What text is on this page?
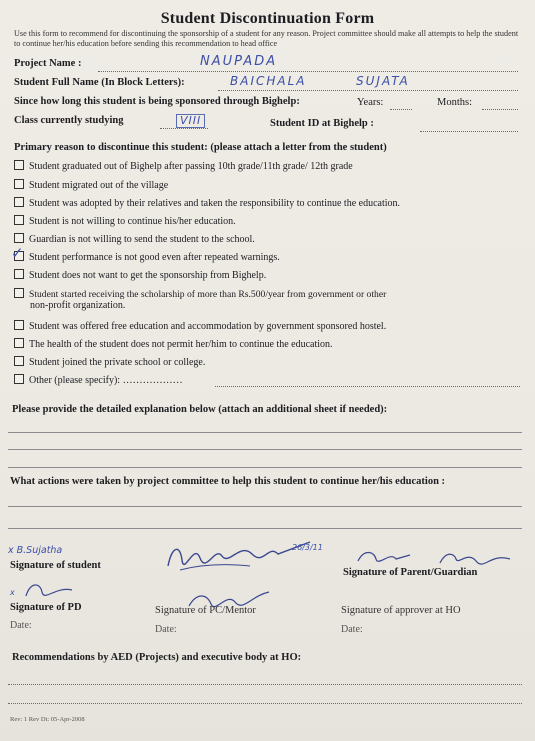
Student Discontinuation Form
Use this form to recommend for discontinuing the sponsorship of a student for any reason. Project committee should make all attempts to help the student to continue her/his education before sending this recommendation to head office
Project Name :	NAUPADA
Student Full Name (In Block Letters):	BAICHALA	SUJATA
Since how long this student is being sponsored through Bighelp:	Years:	Months:
Class currently studying	VIII	Student ID at Bighelp :
Primary reason to discontinue this student: (please attach a letter from the student)
Student graduated out of Bighelp after passing 10th grade/11th grade/ 12th grade
Student migrated out of the village
Student was adopted by their relatives and taken the responsibility to continue the education.
Student is not willing to continue his/her education.
Guardian is not willing to send the student to the school.
Student performance is not good even after repeated warnings.
✓
Student does not want to get the sponsorship from Bighelp.
Student started receiving the scholarship of more than Rs.500/year from government or other
non-profit organization.
Student was offered free education and accommodation by government sponsored hostel.
The health of the student does not permit her/him to continue the education.
Student joined the private school or college.
Other (please specify): ………………
Please provide the detailed explanation below (attach an additional sheet if needed):
What actions were taken by project committee to help this student to continue her/his education :
x B.Sujatha
Signature of student
26/3/11
Signature of Parent/Guardian
x
Signature of PD
Date:
Signature of PC/Mentor
Date:
Signature of approver at HO
Date:
Recommendations by AED (Projects) and executive body at HO:
Rev: 1 Rev Dt: 05-Apr-2008
